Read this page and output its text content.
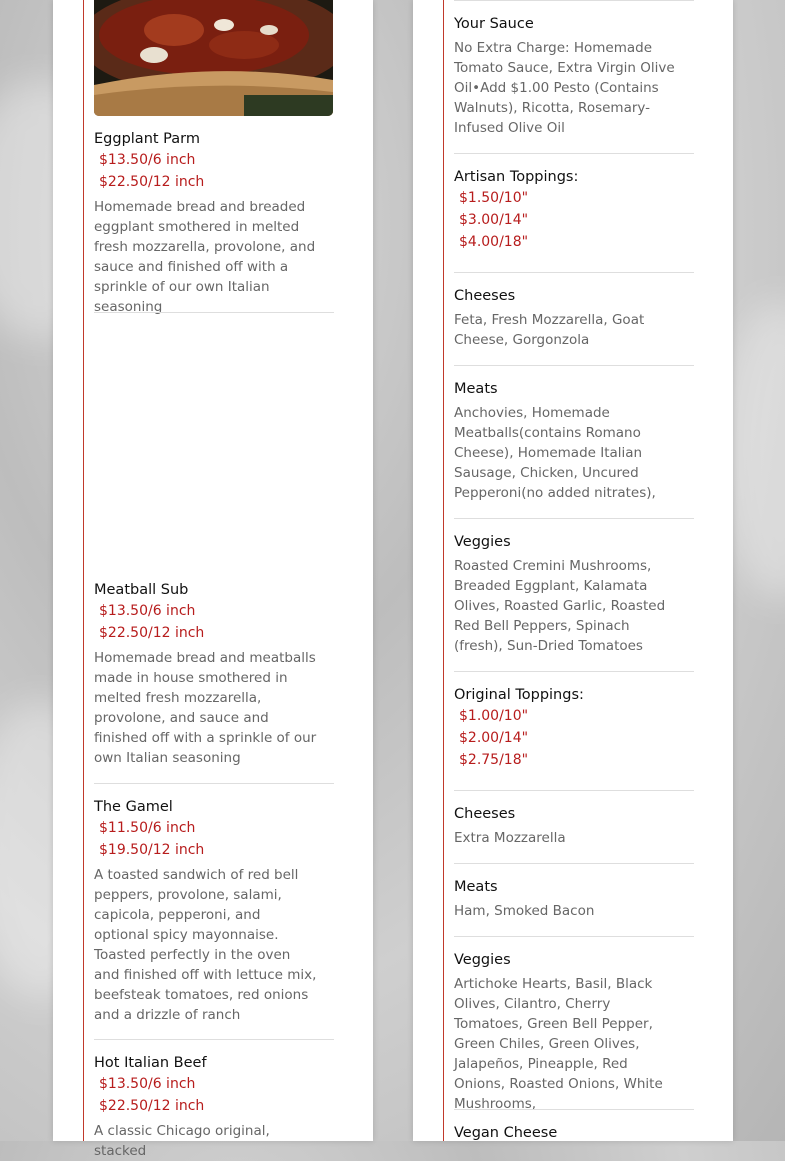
Eggplant Parm
$13.50/6 inch
$22.50/12 inch
Homemade bread and breaded eggplant smothered in melted fresh mozzarella, provolone, and sauce and finished off with a sprinkle of our own Italian seasoning
Meatball Sub
$13.50/6 inch
$22.50/12 inch
Homemade bread and meatballs made in house smothered in melted fresh mozzarella, provolone, and sauce and finished off with a sprinkle of our own Italian seasoning
The Gamel
$11.50/6 inch
$19.50/12 inch
A toasted sandwich of red bell peppers, provolone, salami, capicola, pepperoni, and optional spicy mayonnaise. Toasted perfectly in the oven and finished off with lettuce mix, beefsteak tomatoes, red onions and a drizzle of ranch
Hot Italian Beef
$13.50/6 inch
$22.50/12 inch
A classic Chicago original, stacked
Your Sauce
No Extra Charge: Homemade Tomato Sauce, Extra Virgin Olive Oil•Add $1.00 Pesto (Contains Walnuts), Ricotta, Rosemary-Infused Olive Oil
Artisan Toppings:
$1.50/10"
$3.00/14"
$4.00/18"
Cheeses
Feta, Fresh Mozzarella, Goat Cheese, Gorgonzola
Meats
Anchovies, Homemade Meatballs(contains Romano Cheese), Homemade Italian Sausage, Chicken, Uncured Pepperoni(no added nitrates),
Veggies
Roasted Cremini Mushrooms, Breaded Eggplant, Kalamata Olives, Roasted Garlic, Roasted Red Bell Peppers, Spinach (fresh), Sun-Dried Tomatoes
Original Toppings:
$1.00/10"
$2.00/14"
$2.75/18"
Cheeses
Extra Mozzarella
Meats
Ham, Smoked Bacon
Veggies
Artichoke Hearts, Basil, Black Olives, Cilantro, Cherry Tomatoes, Green Bell Pepper, Green Chiles, Green Olives, Jalapeños, Pineapple, Red Onions, Roasted Onions, White Mushrooms,
Vegan Cheese
